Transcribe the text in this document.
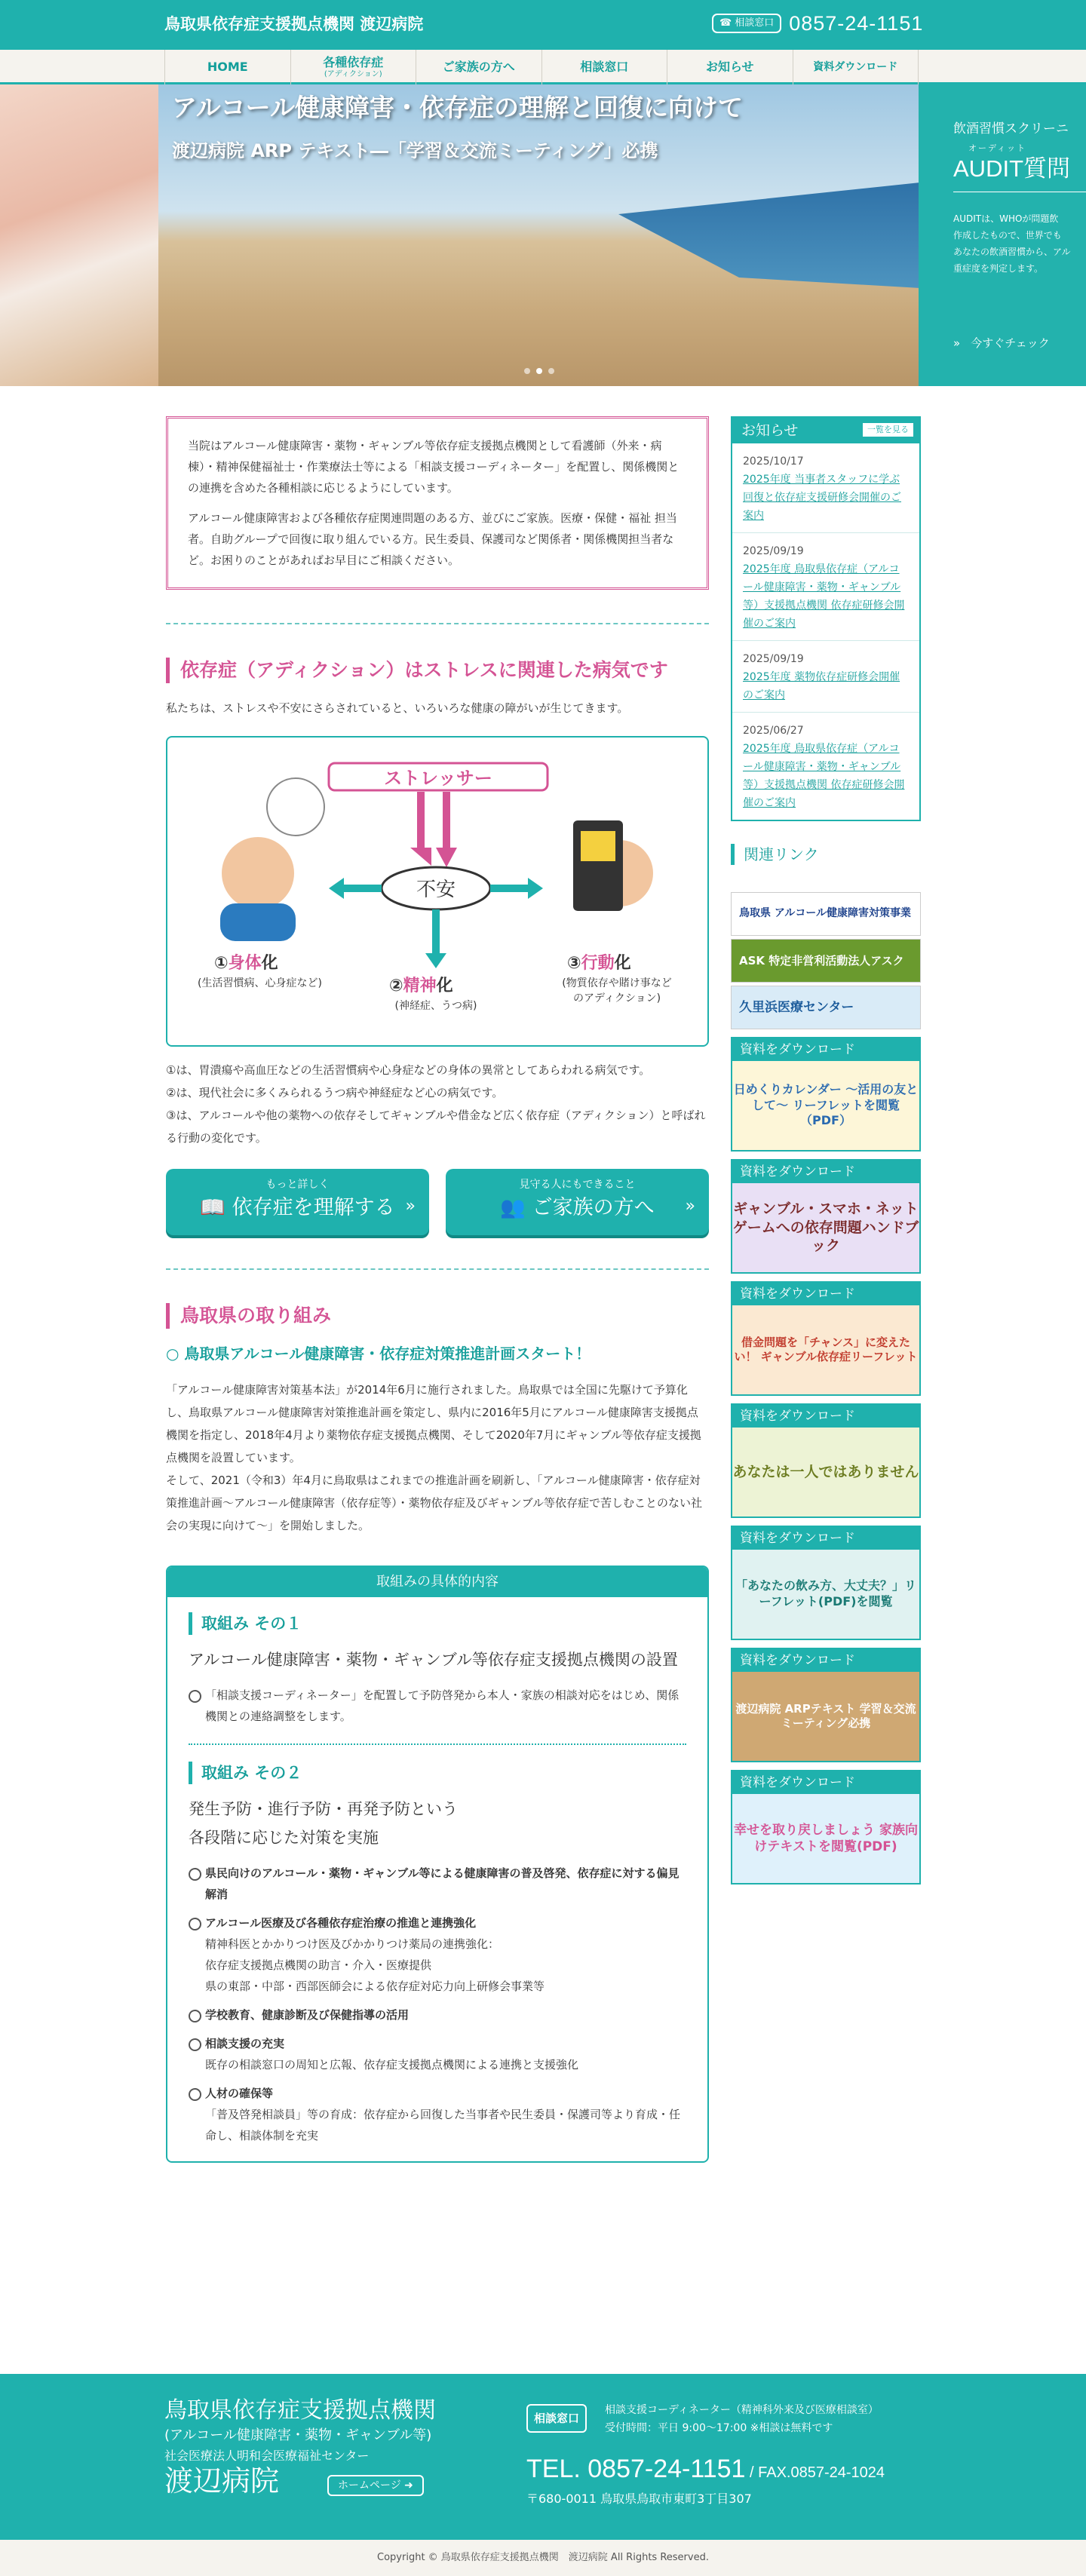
鳥取県依存症支援拠点機関 渡辺病院	☎ 相談窓口 0857-24-1151
HOME	各種依存症
(アディクション)	ご家族の方へ	相談窓口	お知らせ	資料ダウンロード
アルコール健康障害・依存症の理解と回復に向けて
渡辺病院 ARP テキスト―「学習＆交流ミーティング」必携
飲酒習慣スクリーニ
オーディット
AUDIT質問
AUDITは、WHOが問題飲
作成したもので、世界でも
あなたの飲酒習慣から、アル
重症度を判定します。
» 今すぐチェック

当院はアルコール健康障害・薬物・ギャンブル等依存症支援拠点機関として看護師（外来・病棟）・精神保健福祉士・作業療法士等による「相談支援コーディネーター」を配置し、関係機関との連携を含めた各種相談に応じるようにしています。

アルコール健康障害および各種依存症関連問題のある方、並びにご家族。医療・保健・福祉 担当者。自助グループで回復に取り組んでいる方。民生委員、保護司など関係者・関係機関担当者など。お困りのことがあればお早目にご相談ください。

依存症（アディクション）はストレスに関連した病気です

私たちは、ストレスや不安にさらされていると、いろいろな健康の障がいが生じてきます。

ストレッサー
不安
①身体化
(生活習慣病、心身症など)	②精神化
(神経症、うつ病)
③行動化
(物質依存や賭け事など
のアディクション)

①は、胃潰瘍や高血圧などの生活習慣病や心身症などの身体の異常としてあらわれる病気です。

②は、現代社会に多くみられるうつ病や神経症など心の病気です。

③は、アルコールや他の薬物への依存そしてギャンブルや借金など広く依存症（アディクション）と呼ばれる行動の変化です。

もっと詳しく
📖 依存症を理解する »
見守る人にもできること
👥 ご家族の方へ »
鳥取県の取り組み
○ 鳥取県アルコール健康障害・依存症対策推進計画スタート！

「アルコール健康障害対策基本法」が2014年6月に施行されました。鳥取県では全国に先駆けて予算化し、鳥取県アルコール健康障害対策推進計画を策定し、県内に2016年5月にアルコール健康障害支援拠点機関を指定し、2018年4月より薬物依存症支援拠点機関、そして2020年7月にギャンブル等依存症支援拠点機関を設置しています。

そして、2021（令和3）年4月に鳥取県はこれまでの推進計画を刷新し、「アルコール健康障害・依存症対策推進計画～アルコール健康障害（依存症等）・薬物依存症及びギャンブル等依存症で苦しむことのない社会の実現に向けて～」を開始しました。

取組みの具体的内容
取組み その１
アルコール健康障害・薬物・ギャンブル等依存症支援拠点機関の設置
「相談支援コーディネーター」を配置して予防啓発から本人・家族の相談対応をはじめ、関係機関との連絡調整をします。
取組み その２
発生予防・進行予防・再発予防という
各段階に応じた対策を実施
県民向けのアルコール・薬物・ギャンブル等による健康障害の普及啓発、依存症に対する偏見解消
アルコール医療及び各種依存症治療の推進と連携強化
精神科医とかかりつけ医及びかかりつけ薬局の連携強化：
依存症支援拠点機関の助言・介入・医療提供
県の東部・中部・西部医師会による依存症対応力向上研修会事業等
学校教育、健康診断及び保健指導の活用
相談支援の充実
既存の相談窓口の周知と広報、依存症支援拠点機関による連携と支援強化
人材の確保等
「普及啓発相談員」等の育成：依存症から回復した当事者や民生委員・保護司等より育成・任命し、相談体制を充実
お知らせ	一覧を見る
2025/10/17
2025年度 当事者スタッフに学ぶ回復と依存症支援研修会開催のご案内
2025/09/19
2025年度 鳥取県依存症（アルコール健康障害・薬物・ギャンブル等）支援拠点機関 依存症研修会開催のご案内
2025/09/19
2025年度 薬物依存症研修会開催のご案内
2025/06/27
2025年度 鳥取県依存症（アルコール健康障害・薬物・ギャンブル等）支援拠点機関 依存症研修会開催のご案内
関連リンク
鳥取県 アルコール健康障害対策事業
ASK 特定非営利活動法人アスク
久里浜医療センター
資料をダウンロード
日めくりカレンダー 〜活用の友として〜 リーフレットを閲覧（PDF）
資料をダウンロード
ギャンブル・スマホ・ネットゲームへの依存問題ハンドブック
資料をダウンロード
借金問題を「チャンス」に変えたい！ ギャンブル依存症リーフレット
資料をダウンロード
あなたは一人ではありません
資料をダウンロード
「あなたの飲み方、大丈夫？」リーフレット(PDF)を閲覧
資料をダウンロード
渡辺病院 ARPテキスト 学習＆交流ミーティング必携
資料をダウンロード
幸せを取り戻しましょう 家族向けテキストを閲覧(PDF)
鳥取県依存症支援拠点機関
(アルコール健康障害・薬物・ギャンブル等)
社会医療法人明和会医療福祉センター
渡辺病院	ホームページ ➜
相談窓口
相談支援コーディネーター（精神科外来及び医療相談室）
受付時間：平日 9:00〜17:00 ※相談は無料です
TEL. 0857-24-1151 / FAX.0857-24-1024
〒680-0011 鳥取県鳥取市東町3丁目307
Copyright © 鳥取県依存症支援拠点機関　渡辺病院 All Rights Reserved.
